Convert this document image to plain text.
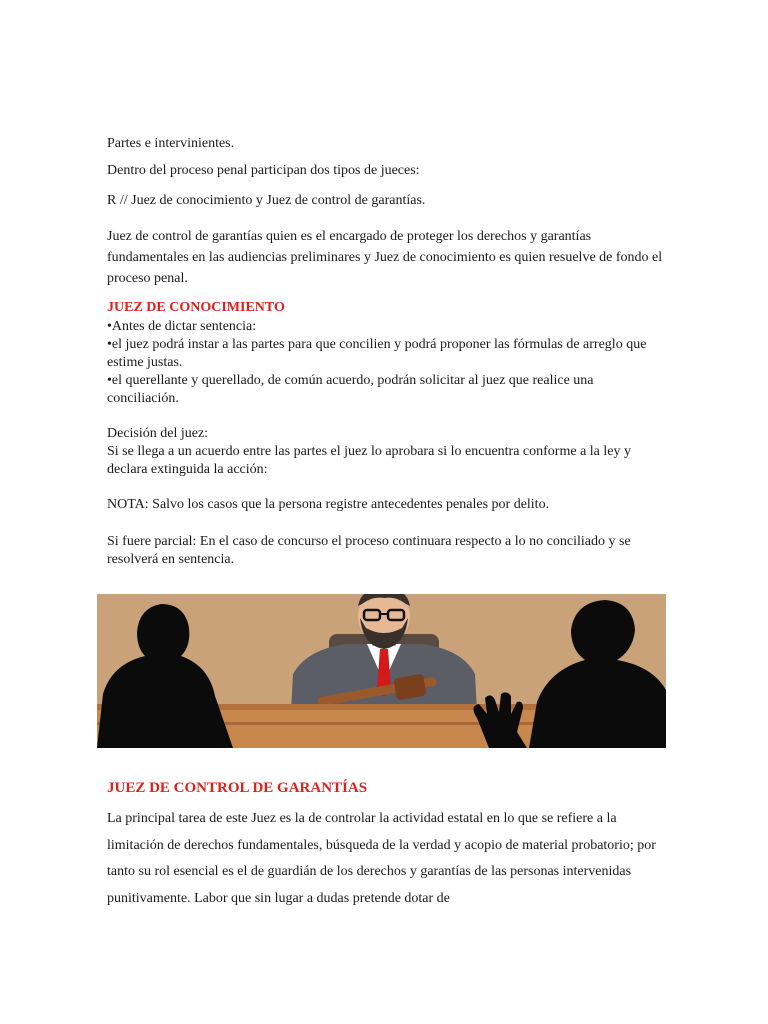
Partes e intervinientes.

Dentro del proceso penal participan dos tipos de jueces:

R // Juez de conocimiento y Juez de control de garantías.

Juez de control de garantías quien es el encargado de proteger los derechos y garantías fundamentales en las audiencias preliminares y Juez de conocimiento es quien resuelve de fondo el proceso penal.

JUEZ DE CONOCIMIENTO

•Antes de dictar sentencia:
•el juez podrá instar a las partes para que concilien y podrá proponer las fórmulas de arreglo que estime justas.
•el querellante y querellado, de común acuerdo, podrán solicitar al juez que realice una conciliación.

Decisión del juez:

Si se llega a un acuerdo entre las partes el juez lo aprobara si lo encuentra conforme a la ley y declara extinguida la acción:

NOTA: Salvo los casos que la persona registre antecedentes penales por delito.

Si fuere parcial: En el caso de concurso el proceso continuara respecto a lo no conciliado y se resolverá en sentencia.

JUEZ DE CONTROL DE GARANTÍAS

La principal tarea de este Juez es la de controlar la actividad estatal en lo que se refiere a la limitación de derechos fundamentales, búsqueda de la verdad y acopio de material probatorio; por tanto su rol esencial es el de guardián de los derechos y garantías de las personas intervenidas punitivamente. Labor que sin lugar a dudas pretende dotar de
